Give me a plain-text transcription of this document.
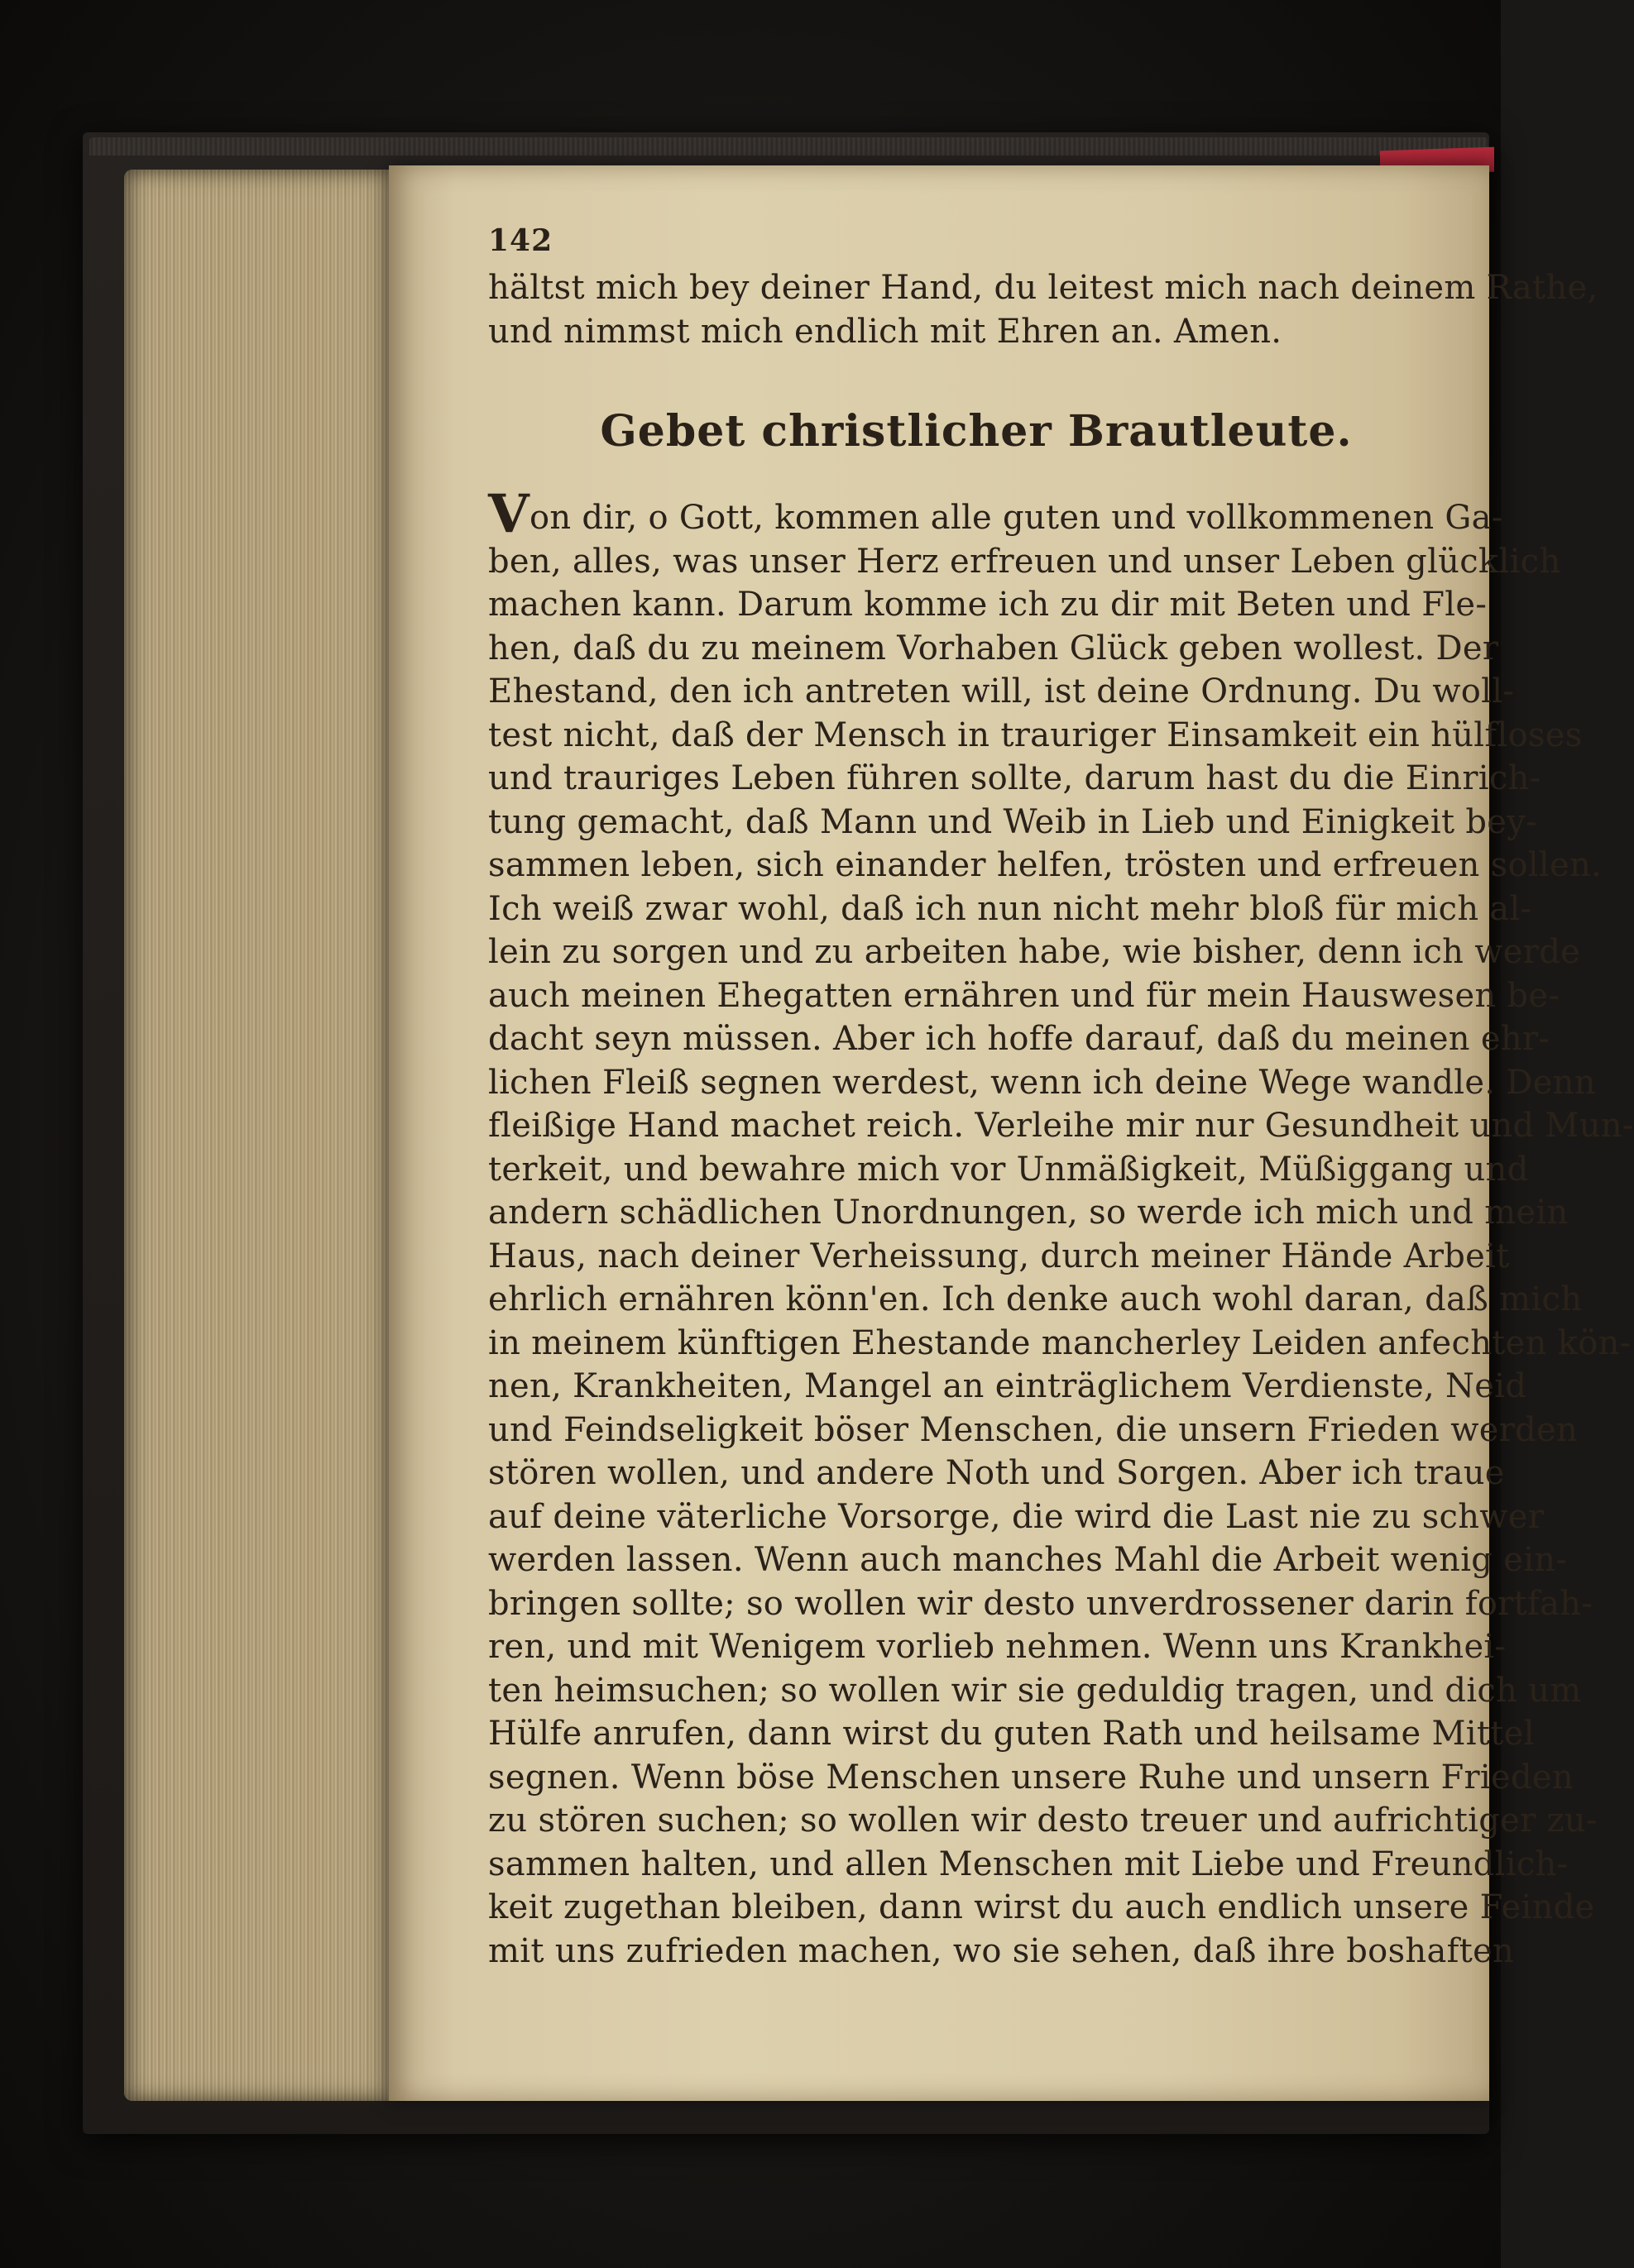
142
hältst mich bey deiner Hand, du leitest mich nach deinem Rathe,
und nimmst mich endlich mit Ehren an. Amen.
Gebet christlicher Brautleute.
Von dir, o Gott, kommen alle guten und vollkommenen Ga-
ben, alles, was unser Herz erfreuen und unser Leben glücklich
machen kann. Darum komme ich zu dir mit Beten und Fle-
hen, daß du zu meinem Vorhaben Glück geben wollest. Der
Ehestand, den ich antreten will, ist deine Ordnung. Du woll-
test nicht, daß der Mensch in trauriger Einsamkeit ein hülfloses
und trauriges Leben führen sollte, darum hast du die Einrich-
tung gemacht, daß Mann und Weib in Lieb und Einigkeit bey-
sammen leben, sich einander helfen, trösten und erfreuen sollen.
Ich weiß zwar wohl, daß ich nun nicht mehr bloß für mich al-
lein zu sorgen und zu arbeiten habe, wie bisher, denn ich werde
auch meinen Ehegatten ernähren und für mein Hauswesen be-
dacht seyn müssen. Aber ich hoffe darauf, daß du meinen ehr-
lichen Fleiß segnen werdest, wenn ich deine Wege wandle. Denn
fleißige Hand machet reich. Verleihe mir nur Gesundheit und Mun-
terkeit, und bewahre mich vor Unmäßigkeit, Müßiggang und
andern schädlichen Unordnungen, so werde ich mich und mein
Haus, nach deiner Verheissung, durch meiner Hände Arbeit
ehrlich ernähren könn'en. Ich denke auch wohl daran, daß mich
in meinem künftigen Ehestande mancherley Leiden anfechten kön-
nen, Krankheiten, Mangel an einträglichem Verdienste, Neid
und Feindseligkeit böser Menschen, die unsern Frieden werden
stören wollen, und andere Noth und Sorgen. Aber ich traue
auf deine väterliche Vorsorge, die wird die Last nie zu schwer
werden lassen. Wenn auch manches Mahl die Arbeit wenig ein-
bringen sollte; so wollen wir desto unverdrossener darin fortfah-
ren, und mit Wenigem vorlieb nehmen. Wenn uns Krankhei-
ten heimsuchen; so wollen wir sie geduldig tragen, und dich um
Hülfe anrufen, dann wirst du guten Rath und heilsame Mittel
segnen. Wenn böse Menschen unsere Ruhe und unsern Frieden
zu stören suchen; so wollen wir desto treuer und aufrichtiger zu-
sammen halten, und allen Menschen mit Liebe und Freundlich-
keit zugethan bleiben, dann wirst du auch endlich unsere Feinde
mit uns zufrieden machen, wo sie sehen, daß ihre boshaften
